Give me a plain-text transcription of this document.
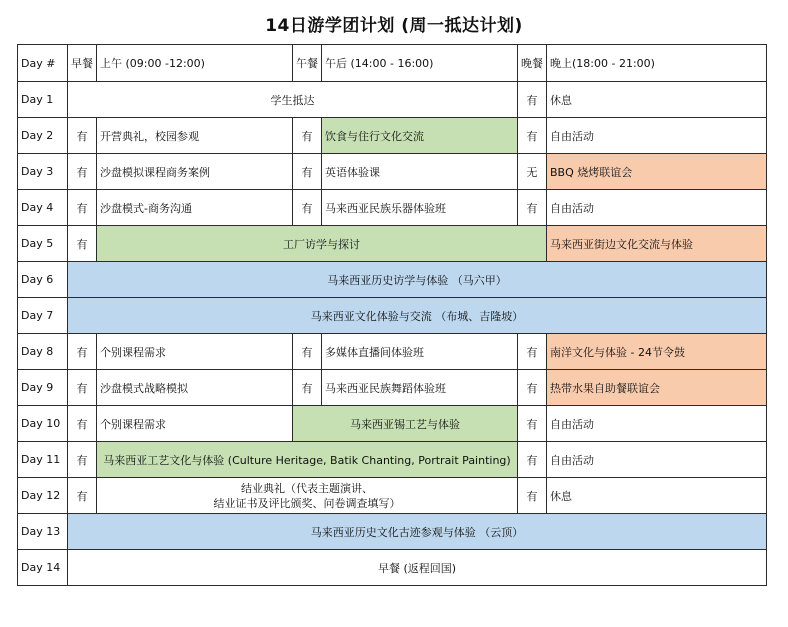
14日游学团计划 (周一抵达计划)
Day #	早餐	上午 (09:00 -12:00)	午餐	午后 (14:00 - 16:00)	晚餐	晚上(18:00 - 21:00)
Day 1	学生抵达				有	休息
Day 2	有	开营典礼，校园参观	有	饮食与住行文化交流	有	自由活动
Day 3	有	沙盘模拟课程商务案例	有	英语体验课	无	BBQ 烧烤联谊会
Day 4	有	沙盘模式-商务沟通	有	马来西亚民族乐器体验班	有	自由活动
Day 5	有	工厂访学与探讨				马来西亚街边文化交流与体验
Day 6	马来西亚历史访学与体验 （马六甲）					
Day 7	马来西亚文化体验与交流 （布城、吉隆坡）					
Day 8	有	个别课程需求	有	多媒体直播间体验班	有	南洋文化与体验 - 24节令鼓
Day 9	有	沙盘模式战略模拟	有	马来西亚民族舞蹈体验班	有	热带水果自助餐联谊会
Day 10	有	个别课程需求	马来西亚锡工艺与体验		有	自由活动
Day 11	有	马来西亚工艺文化与体验 (Culture Heritage, Batik Chanting, Portrait Painting)			有	自由活动
Day 12	有	结业典礼（代表主题演讲、
结业证书及评比颁奖、问卷调查填写）			有	休息
Day 13	马来西亚历史文化古迹参观与体验 （云顶）					
Day 14	早餐 (返程回国)					
